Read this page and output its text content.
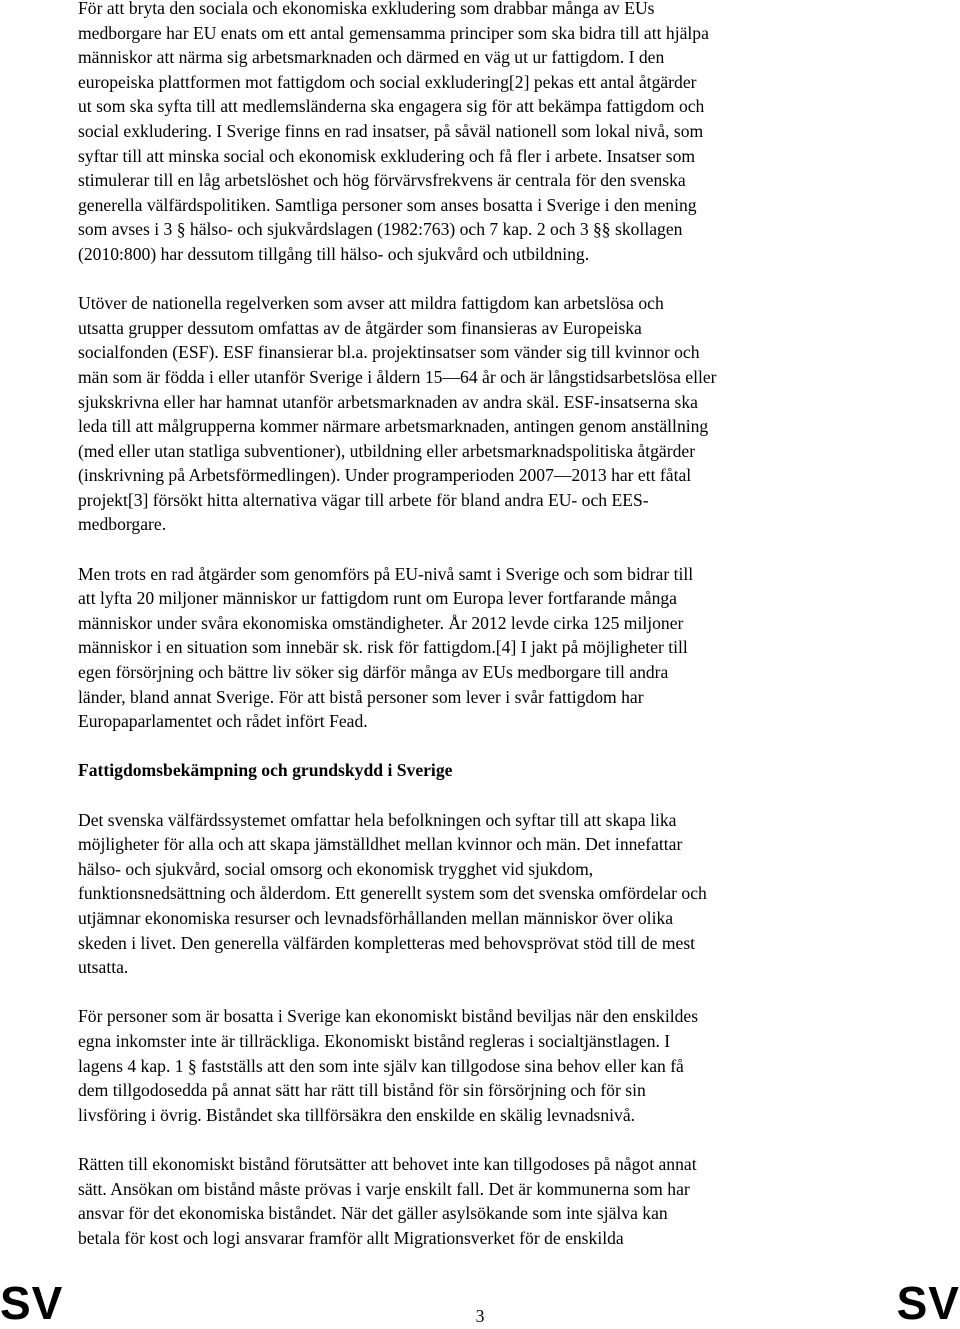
För att bryta den sociala och ekonomiska exkludering som drabbar många av EUs
medborgare har EU enats om ett antal gemensamma principer som ska bidra till att hjälpa
människor att närma sig arbetsmarknaden och därmed en väg ut ur fattigdom. I den
europeiska plattformen mot fattigdom och social exkludering[2] pekas ett antal åtgärder
ut som ska syfta till att medlemsländerna ska engagera sig för att bekämpa fattigdom och
social exkludering. I Sverige finns en rad insatser, på såväl nationell som lokal nivå, som
syftar till att minska social och ekonomisk exkludering och få fler i arbete. Insatser som
stimulerar till en låg arbetslöshet och hög förvärvsfrekvens är centrala för den svenska
generella välfärdspolitiken. Samtliga personer som anses bosatta i Sverige i den mening
som avses i 3 § hälso- och sjukvårdslagen (1982:763) och 7 kap. 2 och 3 §§ skollagen
(2010:800) har dessutom tillgång till hälso- och sjukvård och utbildning.

Utöver de nationella regelverken som avser att mildra fattigdom kan arbetslösa och
utsatta grupper dessutom omfattas av de åtgärder som finansieras av Europeiska
socialfonden (ESF). ESF finansierar bl.a. projektinsatser som vänder sig till kvinnor och
män som är födda i eller utanför Sverige i åldern 15—64 år och är långstidsarbetslösa eller
sjukskrivna eller har hamnat utanför arbetsmarknaden av andra skäl. ESF-insatserna ska
leda till att målgrupperna kommer närmare arbetsmarknaden, antingen genom anställning
(med eller utan statliga subventioner), utbildning eller arbetsmarknadspolitiska åtgärder
(inskrivning på Arbetsförmedlingen). Under programperioden 2007—2013 har ett fåtal
projekt[3] försökt hitta alternativa vägar till arbete för bland andra EU- och EES-
medborgare.

Men trots en rad åtgärder som genomförs på EU-nivå samt i Sverige och som bidrar till
att lyfta 20 miljoner människor ur fattigdom runt om Europa lever fortfarande många
människor under svåra ekonomiska omständigheter. År 2012 levde cirka 125 miljoner
människor i en situation som innebär sk. risk för fattigdom.[4] I jakt på möjligheter till
egen försörjning och bättre liv söker sig därför många av EUs medborgare till andra
länder, bland annat Sverige. För att bistå personer som lever i svår fattigdom har
Europaparlamentet och rådet infört Fead.

Fattigdomsbekämpning och grundskydd i Sverige

Det svenska välfärdssystemet omfattar hela befolkningen och syftar till att skapa lika
möjligheter för alla och att skapa jämställdhet mellan kvinnor och män. Det innefattar
hälso- och sjukvård, social omsorg och ekonomisk trygghet vid sjukdom,
funktionsnedsättning och ålderdom. Ett generellt system som det svenska omfördelar och
utjämnar ekonomiska resurser och levnadsförhållanden mellan människor över olika
skeden i livet. Den generella välfärden kompletteras med behovsprövat stöd till de mest
utsatta.

För personer som är bosatta i Sverige kan ekonomiskt bistånd beviljas när den enskildes
egna inkomster inte är tillräckliga. Ekonomiskt bistånd regleras i socialtjänstlagen. I
lagens 4 kap. 1 § fastställs att den som inte själv kan tillgodose sina behov eller kan få
dem tillgodosedda på annat sätt har rätt till bistånd för sin försörjning och för sin
livsföring i övrig. Biståndet ska tillförsäkra den enskilde en skälig levnadsnivå.

Rätten till ekonomiskt bistånd förutsätter att behovet inte kan tillgodoses på något annat
sätt. Ansökan om bistånd måste prövas i varje enskilt fall. Det är kommunerna som har
ansvar för det ekonomiska biståndet. När det gäller asylsökande som inte själva kan
betala för kost och logi ansvarar framför allt Migrationsverket för de enskilda

SV	3	SV
